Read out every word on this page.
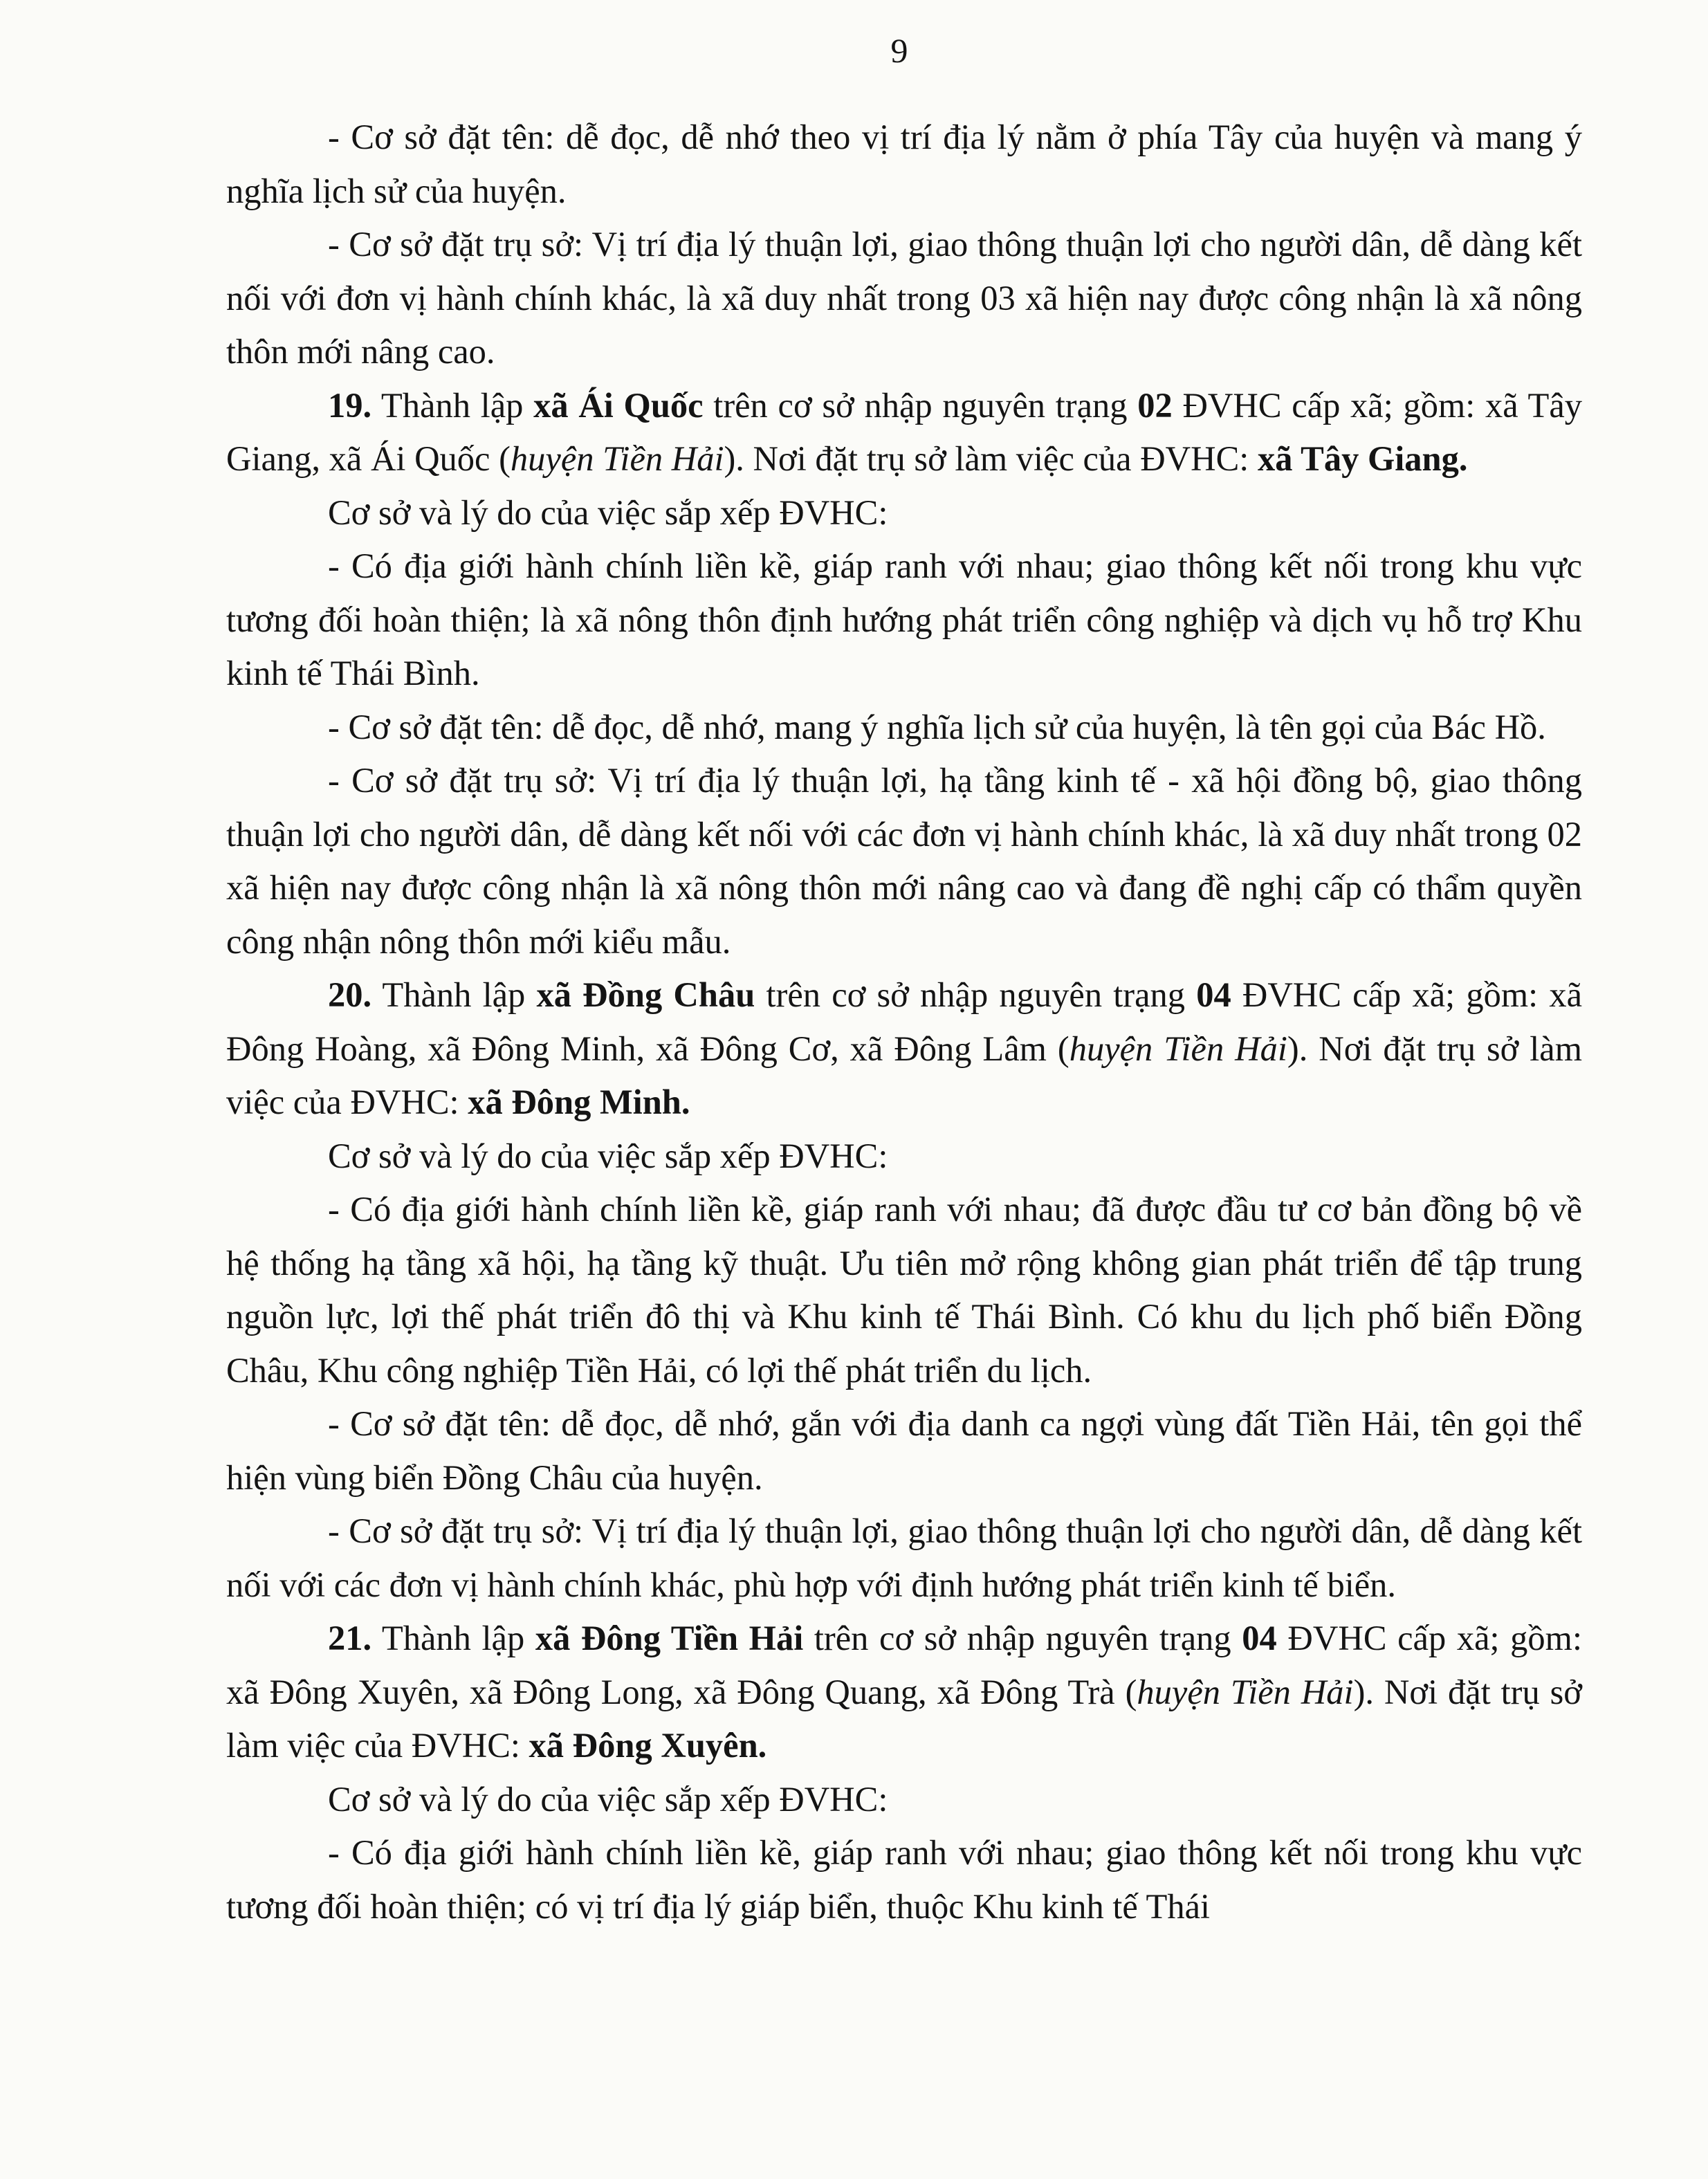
9

- Cơ sở đặt tên: dễ đọc, dễ nhớ theo vị trí địa lý nằm ở phía Tây của huyện và mang ý nghĩa lịch sử của huyện.

- Cơ sở đặt trụ sở: Vị trí địa lý thuận lợi, giao thông thuận lợi cho người dân, dễ dàng kết nối với đơn vị hành chính khác, là xã duy nhất trong 03 xã hiện nay được công nhận là xã nông thôn mới nâng cao.

19. Thành lập xã Ái Quốc trên cơ sở nhập nguyên trạng 02 ĐVHC cấp xã; gồm: xã Tây Giang, xã Ái Quốc (huyện Tiền Hải). Nơi đặt trụ sở làm việc của ĐVHC: xã Tây Giang.

Cơ sở và lý do của việc sắp xếp ĐVHC:

- Có địa giới hành chính liền kề, giáp ranh với nhau; giao thông kết nối trong khu vực tương đối hoàn thiện; là xã nông thôn định hướng phát triển công nghiệp và dịch vụ hỗ trợ Khu kinh tế Thái Bình.

- Cơ sở đặt tên: dễ đọc, dễ nhớ, mang ý nghĩa lịch sử của huyện, là tên gọi của Bác Hồ.

- Cơ sở đặt trụ sở: Vị trí địa lý thuận lợi, hạ tầng kinh tế - xã hội đồng bộ, giao thông thuận lợi cho người dân, dễ dàng kết nối với các đơn vị hành chính khác, là xã duy nhất trong 02 xã hiện nay được công nhận là xã nông thôn mới nâng cao và đang đề nghị cấp có thẩm quyền công nhận nông thôn mới kiểu mẫu.

20. Thành lập xã Đồng Châu trên cơ sở nhập nguyên trạng 04 ĐVHC cấp xã; gồm: xã Đông Hoàng, xã Đông Minh, xã Đông Cơ, xã Đông Lâm (huyện Tiền Hải). Nơi đặt trụ sở làm việc của ĐVHC: xã Đông Minh.

Cơ sở và lý do của việc sắp xếp ĐVHC:

- Có địa giới hành chính liền kề, giáp ranh với nhau; đã được đầu tư cơ bản đồng bộ về hệ thống hạ tầng xã hội, hạ tầng kỹ thuật. Ưu tiên mở rộng không gian phát triển để tập trung nguồn lực, lợi thế phát triển đô thị và Khu kinh tế Thái Bình. Có khu du lịch phố biển Đồng Châu, Khu công nghiệp Tiền Hải, có lợi thế phát triển du lịch.

- Cơ sở đặt tên: dễ đọc, dễ nhớ, gắn với địa danh ca ngợi vùng đất Tiền Hải, tên gọi thể hiện vùng biển Đồng Châu của huyện.

- Cơ sở đặt trụ sở: Vị trí địa lý thuận lợi, giao thông thuận lợi cho người dân, dễ dàng kết nối với các đơn vị hành chính khác, phù hợp với định hướng phát triển kinh tế biển.

21. Thành lập xã Đông Tiền Hải trên cơ sở nhập nguyên trạng 04 ĐVHC cấp xã; gồm: xã Đông Xuyên, xã Đông Long, xã Đông Quang, xã Đông Trà (huyện Tiền Hải). Nơi đặt trụ sở làm việc của ĐVHC: xã Đông Xuyên.

Cơ sở và lý do của việc sắp xếp ĐVHC:

- Có địa giới hành chính liền kề, giáp ranh với nhau; giao thông kết nối trong khu vực tương đối hoàn thiện; có vị trí địa lý giáp biển, thuộc Khu kinh tế Thái
